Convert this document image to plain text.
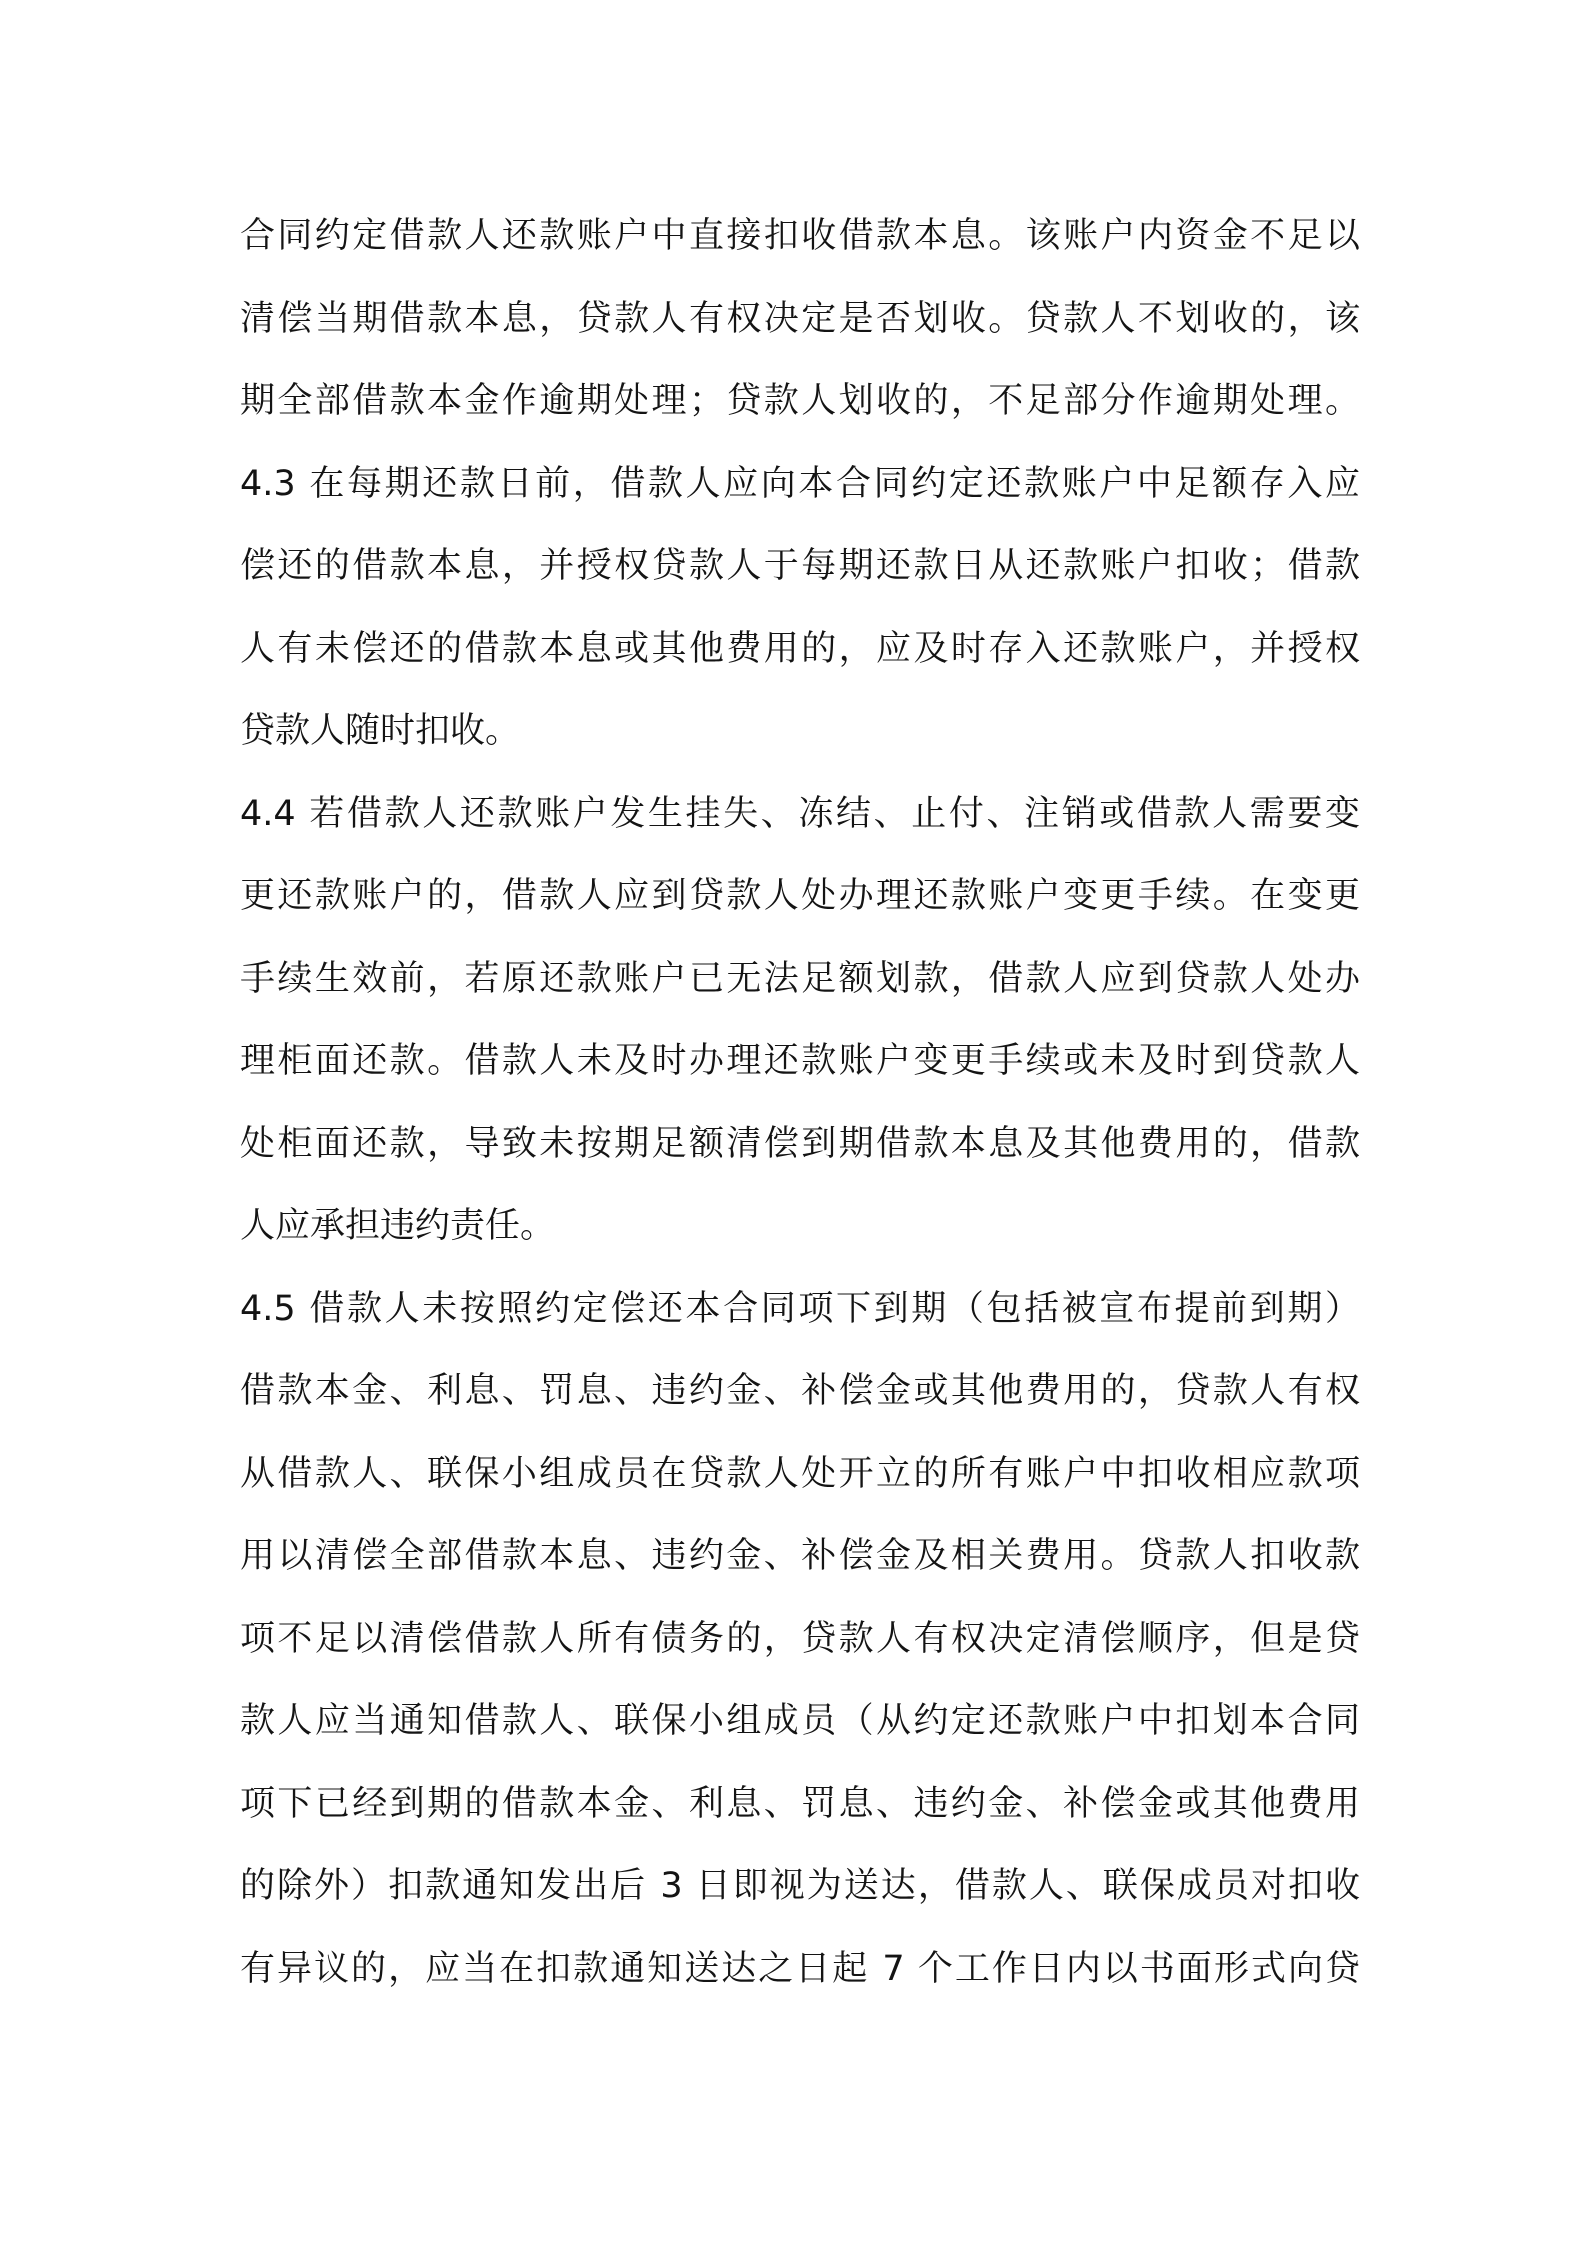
合同约定借款人还款账户中直接扣收借款本息。该账户内资金不足以
清偿当期借款本息，贷款人有权决定是否划收。贷款人不划收的，该
期全部借款本金作逾期处理；贷款人划收的，不足部分作逾期处理。
4.3 在每期还款日前，借款人应向本合同约定还款账户中足额存入应
偿还的借款本息，并授权贷款人于每期还款日从还款账户扣收；借款
人有未偿还的借款本息或其他费用的，应及时存入还款账户，并授权
贷款人随时扣收。
4.4 若借款人还款账户发生挂失、冻结、止付、注销或借款人需要变
更还款账户的，借款人应到贷款人处办理还款账户变更手续。在变更
手续生效前，若原还款账户已无法足额划款，借款人应到贷款人处办
理柜面还款。借款人未及时办理还款账户变更手续或未及时到贷款人
处柜面还款，导致未按期足额清偿到期借款本息及其他费用的，借款
人应承担违约责任。
4.5 借款人未按照约定偿还本合同项下到期（包括被宣布提前到期）
借款本金、利息、罚息、违约金、补偿金或其他费用的，贷款人有权
从借款人、联保小组成员在贷款人处开立的所有账户中扣收相应款项
用以清偿全部借款本息、违约金、补偿金及相关费用。贷款人扣收款
项不足以清偿借款人所有债务的，贷款人有权决定清偿顺序，但是贷
款人应当通知借款人、联保小组成员（从约定还款账户中扣划本合同
项下已经到期的借款本金、利息、罚息、违约金、补偿金或其他费用
的除外）扣款通知发出后 3 日即视为送达，借款人、联保成员对扣收
有异议的，应当在扣款通知送达之日起 7 个工作日内以书面形式向贷
